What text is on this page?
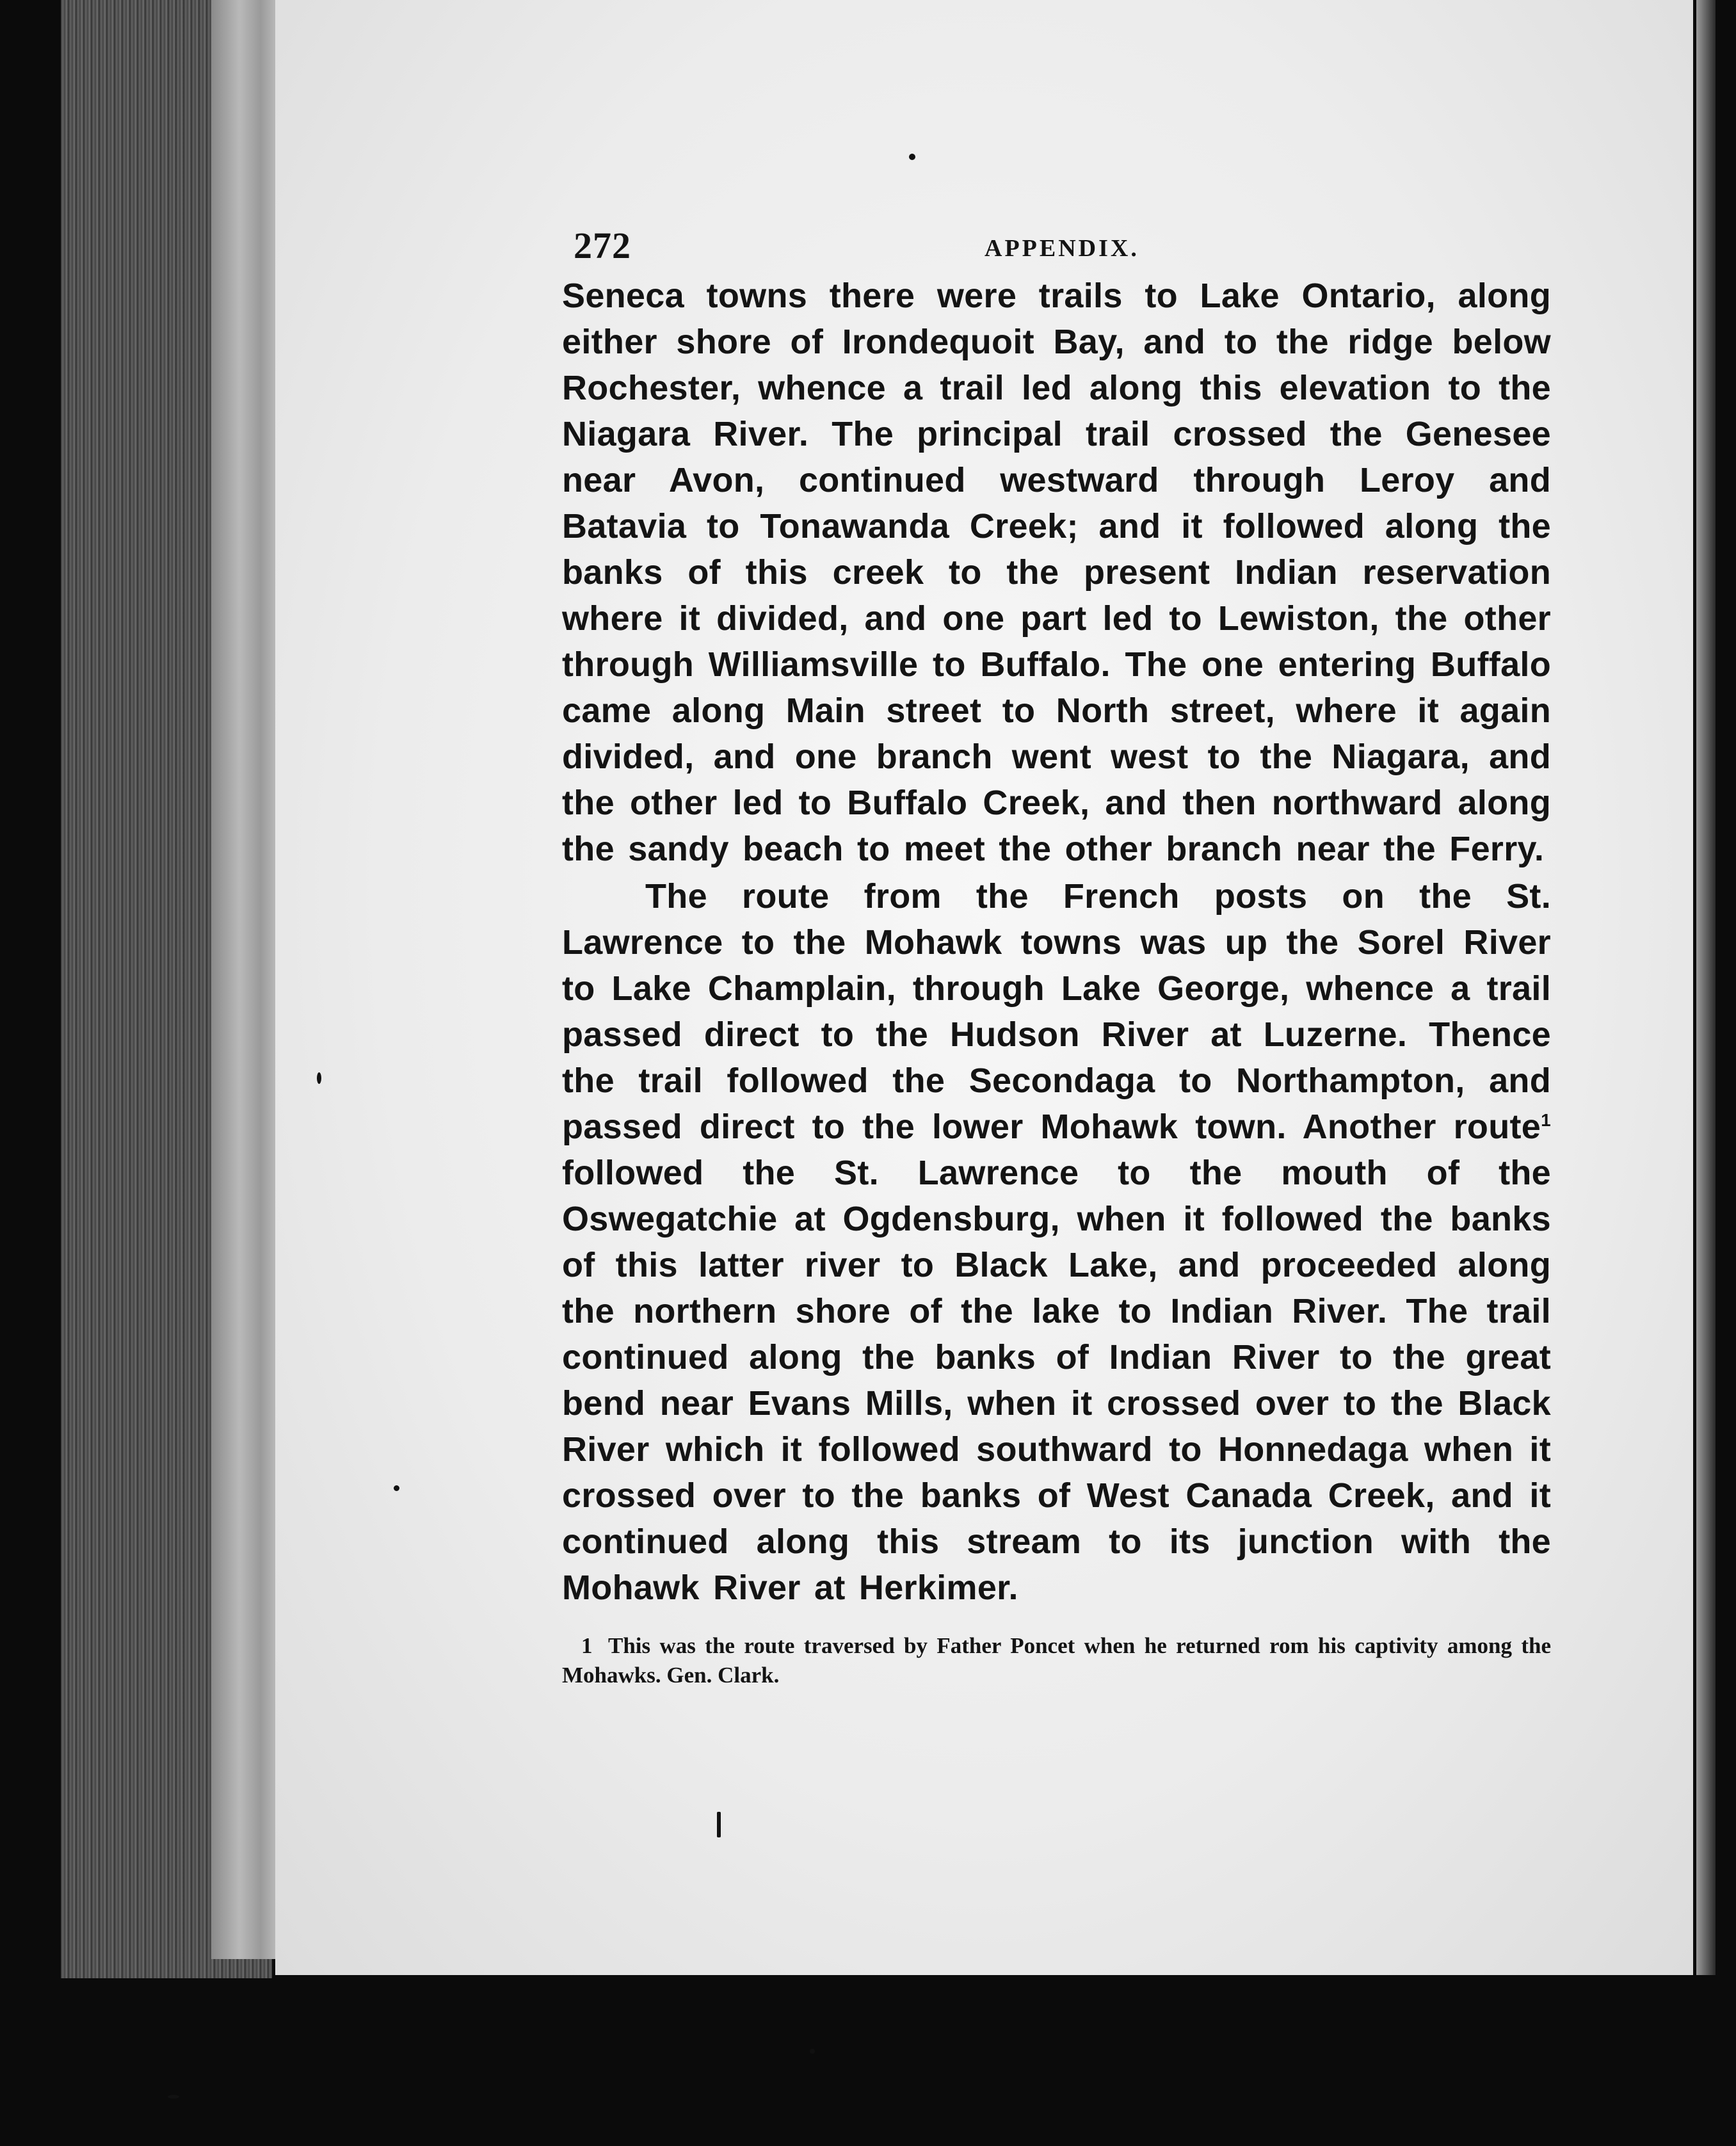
272	APPENDIX.

Seneca towns there were trails to Lake Ontario, along either shore of Irondequoit Bay, and to the ridge below Rochester, whence a trail led along this elevation to the Niagara River. The principal trail crossed the Genesee near Avon, continued westward through Leroy and Batavia to Tonawanda Creek; and it followed along the banks of this creek to the present Indian reservation where it divided, and one part led to Lewiston, the other through Williamsville to Buffalo. The one entering Buffalo came along Main street to North street, where it again divided, and one branch went west to the Niagara, and the other led to Buffalo Creek, and then northward along the sandy beach to meet the other branch near the Ferry.

The route from the French posts on the St. Lawrence to the Mohawk towns was up the Sorel River to Lake Champlain, through Lake George, whence a trail passed direct to the Hudson River at Luzerne. Thence the trail followed the Secondaga to Northampton, and passed direct to the lower Mohawk town. Another route$^1$ followed the St. Lawrence to the mouth of the Oswegatchie at Ogdensburg, when it followed the banks of this latter river to Black Lake, and proceeded along the northern shore of the lake to Indian River. The trail continued along the banks of Indian River to the great bend near Evans Mills, when it crossed over to the Black River which it followed southward to Honnedaga when it crossed over to the banks of West Canada Creek, and it continued along this stream to its junction with the Mohawk River at Herkimer.

1 This was the route traversed by Father Poncet when he returned rom his captivity among the Mohawks. Gen. Clark.
